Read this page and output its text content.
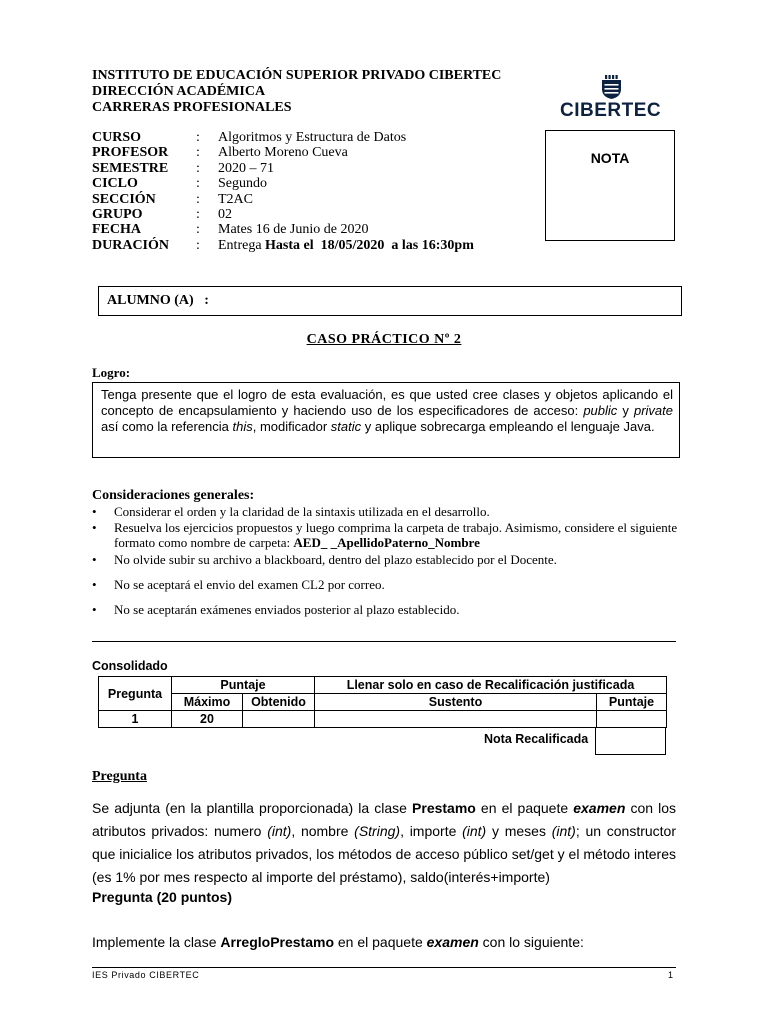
INSTITUTO DE EDUCACIÓN SUPERIOR PRIVADO CIBERTEC
DIRECCIÓN ACADÉMICA
CARRERAS PROFESIONALES	CIBERTEC
NOTA
CURSO	: Algoritmos y Estructura de Datos
PROFESOR : Alberto Moreno Cueva
SEMESTRE : 2020 – 71
CICLO	: Segundo
SECCIÓN	: T2AC
GRUPO	: 02
FECHA	: Mates 16 de Junio de 2020
DURACIÓN : Entrega Hasta el  18/05/2020  a las 16:30pm
ALUMNO (A)   :
CASO PRÁCTICO Nº 2
Logro:
Tenga presente que el logro de esta evaluación, es que usted cree clases y objetos aplicando el concepto de encapsulamiento y haciendo uso de los especificadores de acceso: public y private así como la referencia this, modificador static y aplique sobrecarga empleando el lenguaje Java.
Consideraciones generales:
• Considerar el orden y la claridad de la sintaxis utilizada en el desarrollo.
• Resuelva los ejercicios propuestos y luego comprima la carpeta de trabajo. Asimismo, considere el siguiente formato como nombre de carpeta: AED_ _ApellidoPaterno_Nombre
• No olvide subir su archivo a blackboard, dentro del plazo establecido por el Docente.
• No se aceptará el envio del examen CL2 por correo.
• No se aceptarán exámenes enviados posterior al plazo establecido.
Consolidado
Pregunta	Puntaje		Llenar solo en caso de Recalificación justificada	
	Máximo	Obtenido	Sustento	Puntaje
1	20			
Nota Recalificada
Pregunta
Se adjunta (en la plantilla proporcionada) la clase Prestamo en el paquete examen con los atributos privados: numero (int), nombre (String), importe (int) y meses (int); un constructor que inicialice los atributos privados, los métodos de acceso público set/get y el método interes (es 1% por mes respecto al importe del préstamo), saldo(interés+importe)
Pregunta (20 puntos)
Implemente la clase ArregloPrestamo en el paquete examen con lo siguiente:
IES Privado CIBERTEC	1
